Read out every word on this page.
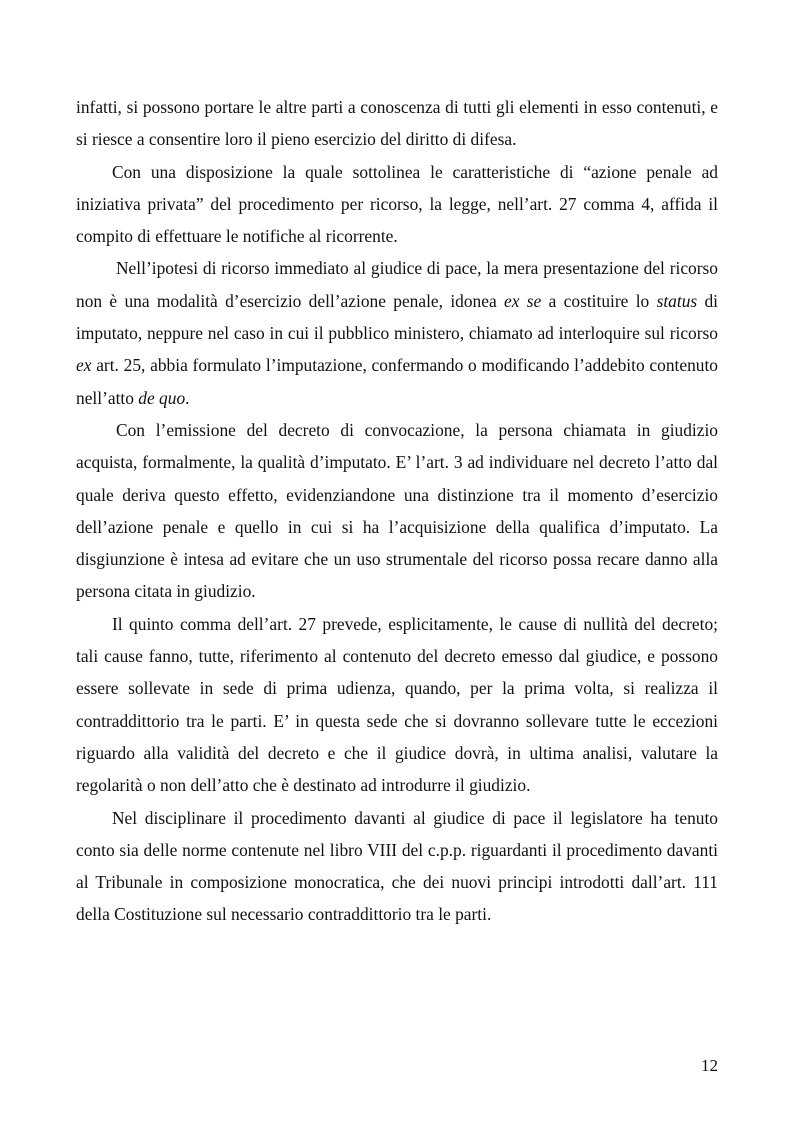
infatti, si possono portare le altre parti a conoscenza di tutti gli elementi in esso contenuti, e si riesce a consentire loro il pieno esercizio del diritto di difesa.

Con una disposizione la quale sottolinea le caratteristiche di “azione penale ad iniziativa privata” del procedimento per ricorso, la legge, nell’art. 27 comma 4, affida il compito di effettuare le notifiche al ricorrente.

Nell’ipotesi di ricorso immediato al giudice di pace, la mera presentazione del ricorso non è una modalità d’esercizio dell’azione penale, idonea ex se a costituire lo status di imputato, neppure nel caso in cui il pubblico ministero, chiamato ad interloquire sul ricorso ex art. 25, abbia formulato l’imputazione, confermando o modificando l’addebito contenuto nell’atto de quo.

Con l’emissione del decreto di convocazione, la persona chiamata in giudizio acquista, formalmente, la qualità d’imputato. E’ l’art. 3 ad individuare nel decreto l’atto dal quale deriva questo effetto, evidenziandone una distinzione tra il momento d’esercizio dell’azione penale e quello in cui si ha l’acquisizione della qualifica d’imputato. La disgiunzione è intesa ad evitare che un uso strumentale del ricorso possa recare danno alla persona citata in giudizio.

Il quinto comma dell’art. 27 prevede, esplicitamente, le cause di nullità del decreto; tali cause fanno, tutte, riferimento al contenuto del decreto emesso dal giudice, e possono essere sollevate in sede di prima udienza, quando, per la prima volta, si realizza il contraddittorio tra le parti. E’ in questa sede che si dovranno sollevare tutte le eccezioni riguardo alla validità del decreto e che il giudice dovrà, in ultima analisi, valutare la regolarità o non dell’atto che è destinato ad introdurre il giudizio.

Nel disciplinare il procedimento davanti al giudice di pace il legislatore ha tenuto conto sia delle norme contenute nel libro VIII del c.p.p. riguardanti il procedimento davanti al Tribunale in composizione monocratica, che dei nuovi principi introdotti dall’art. 111 della Costituzione sul necessario contraddittorio tra le parti.

12
